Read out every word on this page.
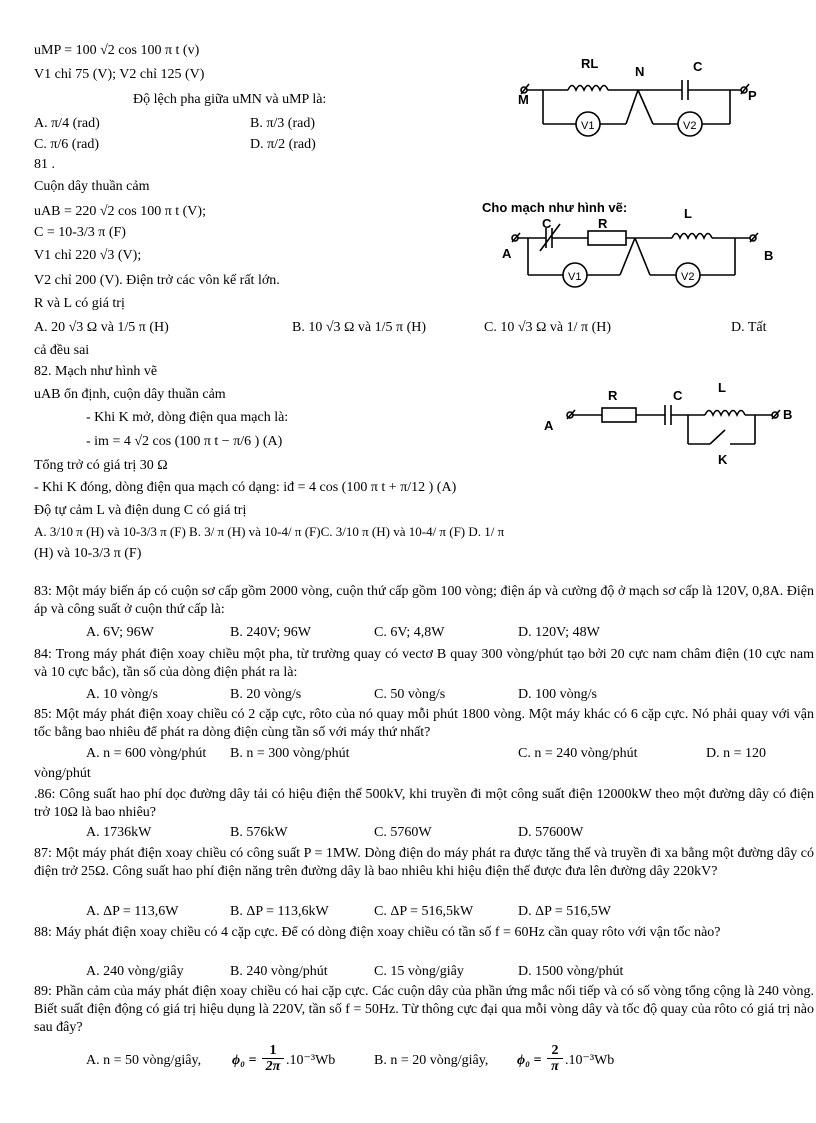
uMP = 100 √2 cos 100 π t (v)
V1 chỉ 75 (V); V2 chỉ 125 (V)
Độ lệch pha giữa uMN và uMP là:
A. π/4 (rad)	B. π/3 (rad)
C. π/6 (rad)	D. π/2 (rad)
RL
N	C
M	P
V1	V2
81 .
Cuộn dây thuần cảm
uAB = 220 √2 cos 100 π t (V);
C = 10-3/3 π (F)
V1 chỉ 220 √3 (V);
V2 chỉ 200 (V). Điện trở các vôn kế rất lớn.
R và L có giá trị
A. 20 √3 Ω và 1/5 π (H)	B. 10 √3 Ω và 1/5 π (H)	C. 10 √3 Ω và 1/ π (H)	D. Tất
cả đều sai
Cho mạch như hình vẽ:
C	R
L
A	B
V1	V2
82. Mạch như hình vẽ
uAB ổn định, cuộn dây thuần cảm
- Khi K mở, dòng điện qua mạch là:
- im = 4 √2 cos (100 π t − π/6 ) (A)
Tổng trở có giá trị 30 Ω
- Khi K đóng, dòng điện qua mạch có dạng: iđ = 4 cos (100 π t + π/12 ) (A)
Độ tự cảm L và điện dung C có giá trị
A. 3/10 π (H) và 10-3/3 π (F) B. 3/ π (H) và 10-4/ π (F)C. 3/10 π (H) và 10-4/ π (F) D. 1/ π
(H) và 10-3/3 π (F)
A
B
R	C
L
K
83: Một máy biến áp có cuộn sơ cấp gồm 2000 vòng, cuộn thứ cấp gồm 100 vòng; điện áp và cường độ ở mạch sơ cấp là 120V, 0,8A. Điện áp và công suất ở cuộn thứ cấp là:
A. 6V; 96W	B. 240V; 96W	C. 6V; 4,8W	D. 120V; 48W
84: Trong máy phát điện xoay chiều một pha, từ trường quay có vectơ B quay 300 vòng/phút tạo bởi 20 cực nam châm điện (10 cực nam và 10 cực bắc), tần số của dòng điện phát ra là:
A. 10 vòng/s	B. 20 vòng/s	C. 50 vòng/s	D. 100 vòng/s
85: Một máy phát điện xoay chiều có 2 cặp cực, rôto của nó quay mỗi phút 1800 vòng. Một máy khác có 6 cặp cực. Nó phải quay với vận tốc bằng bao nhiêu để phát ra dòng điện cùng tần số với máy thứ nhất?
A. n = 600 vòng/phút B. n = 300 vòng/phút	C. n = 240 vòng/phút	D. n = 120
vòng/phút
.86: Công suất hao phí dọc đường dây tải có hiệu điện thế 500kV, khi truyền đi một công suất điện 12000kW theo một đường dây có điện trở 10Ω là bao nhiêu?
A. 1736kW	B. 576kW	C. 5760W	D. 57600W
87: Một máy phát điện xoay chiều có công suất P = 1MW. Dòng điện do máy phát ra được tăng thế và truyền đi xa bằng một đường dây có điện trở 25Ω. Công suất hao phí điện năng trên đường dây là bao nhiêu khi hiệu điện thế được đưa lên đường dây 220kV?
A. ΔP = 113,6W	B. ΔP = 113,6kW	C. ΔP = 516,5kW	D. ΔP = 516,5W
88: Máy phát điện xoay chiều có 4 cặp cực. Để có dòng điện xoay chiều có tần số f = 60Hz cần quay rôto với vận tốc nào?
A. 240 vòng/giây	B. 240 vòng/phút	C. 15 vòng/giây	D. 1500 vòng/phút
89: Phần cảm của máy phát điện xoay chiều có hai cặp cực. Các cuộn dây của phần ứng mắc nối tiếp và có số vòng tổng cộng là 240 vòng. Biết suất điện động có giá trị hiệu dụng là 220V, tần số f = 50Hz. Từ thông cực đại qua mỗi vòng dây và tốc độ quay của rôto có giá trị nào sau đây?
A. n = 50 vòng/giây, $\phi_0 = \frac{1}{2\pi} .10^{-3}Wb$	B. n = 20 vòng/giây, $\phi_0 = \frac{2}{\pi} .10^{-3}Wb$
